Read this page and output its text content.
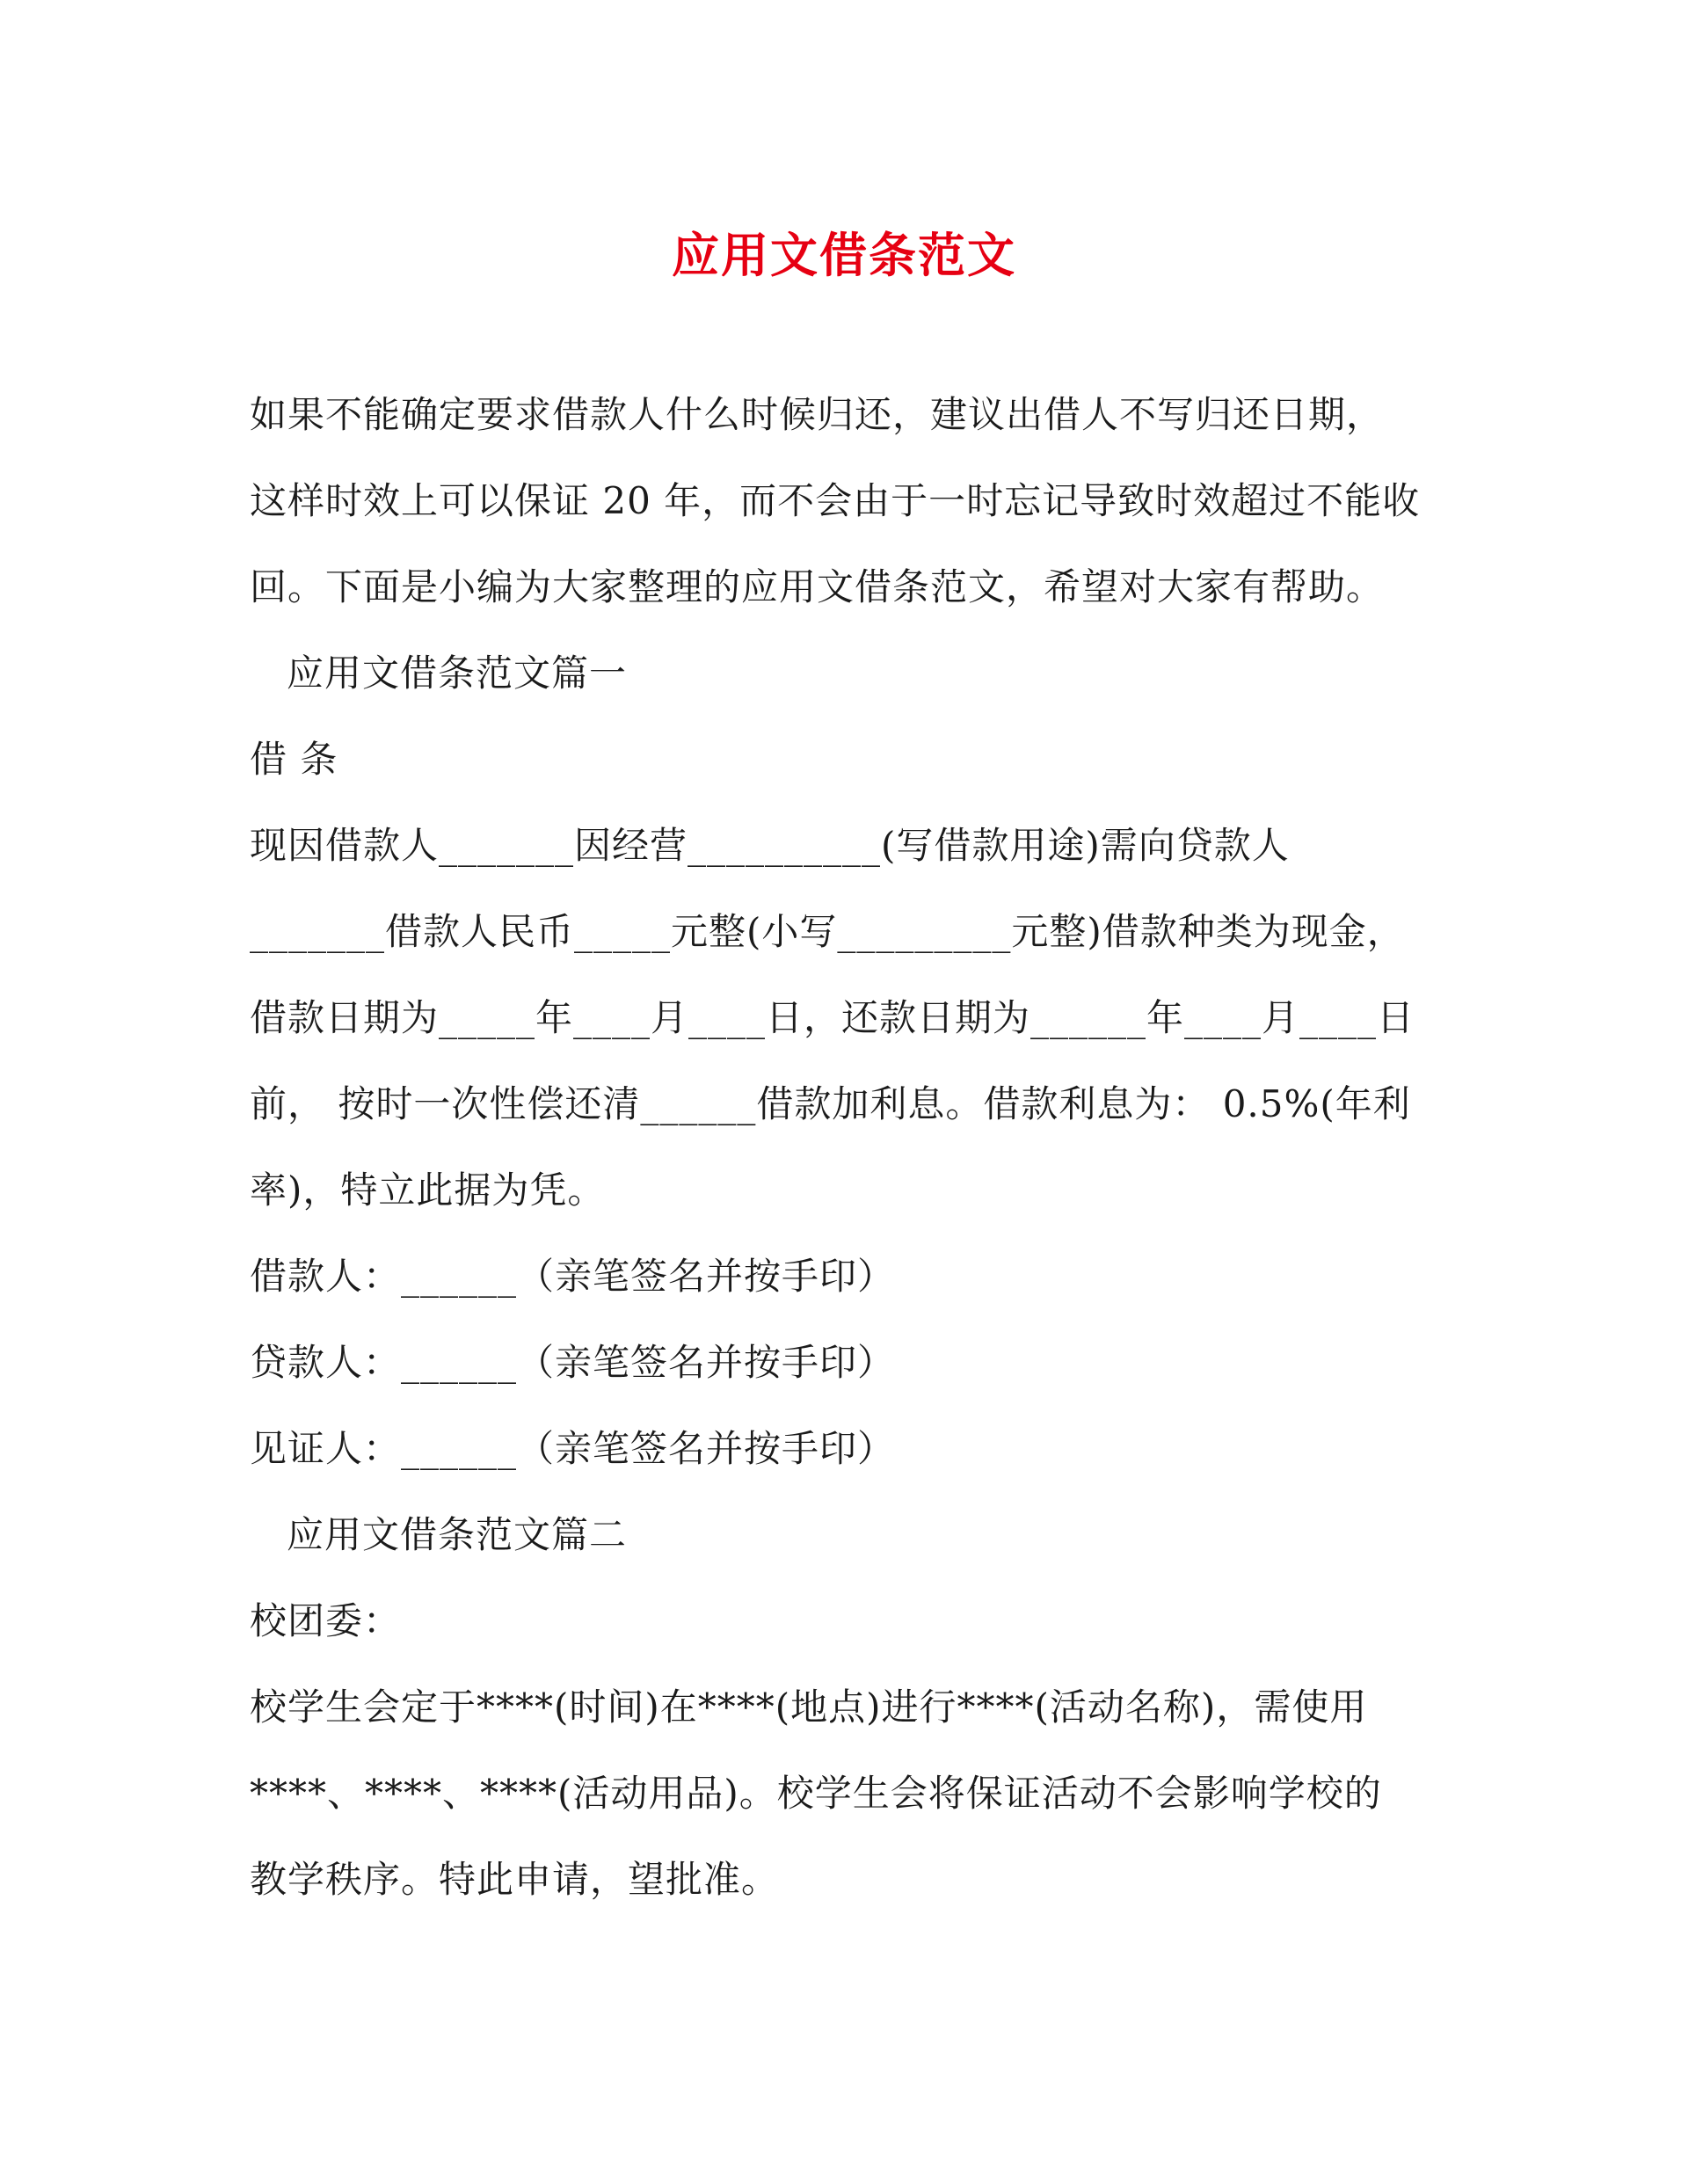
应用文借条范文
如果不能确定要求借款人什么时候归还，建议出借人不写归还日期，
这样时效上可以保证 20 年，而不会由于一时忘记导致时效超过不能收
回。下面是小编为大家整理的应用文借条范文，希望对大家有帮助。
应用文借条范文篇一
借 条
现因借款人_______因经营__________(写借款用途)需向贷款人
_______借款人民币_____元整(小写_________元整)借款种类为现金，
借款日期为_____年____月____日，还款日期为______年____月____日
前， 按时一次性偿还清______借款加利息。借款利息为： 0.5%(年利
率)，特立此据为凭。
借款人：______（亲笔签名并按手印）
贷款人：______（亲笔签名并按手印）
见证人：______（亲笔签名并按手印）
应用文借条范文篇二
校团委：
校学生会定于****(时间)在****(地点)进行****(活动名称)，需使用
****、****、****(活动用品)。校学生会将保证活动不会影响学校的
教学秩序。特此申请，望批准。
